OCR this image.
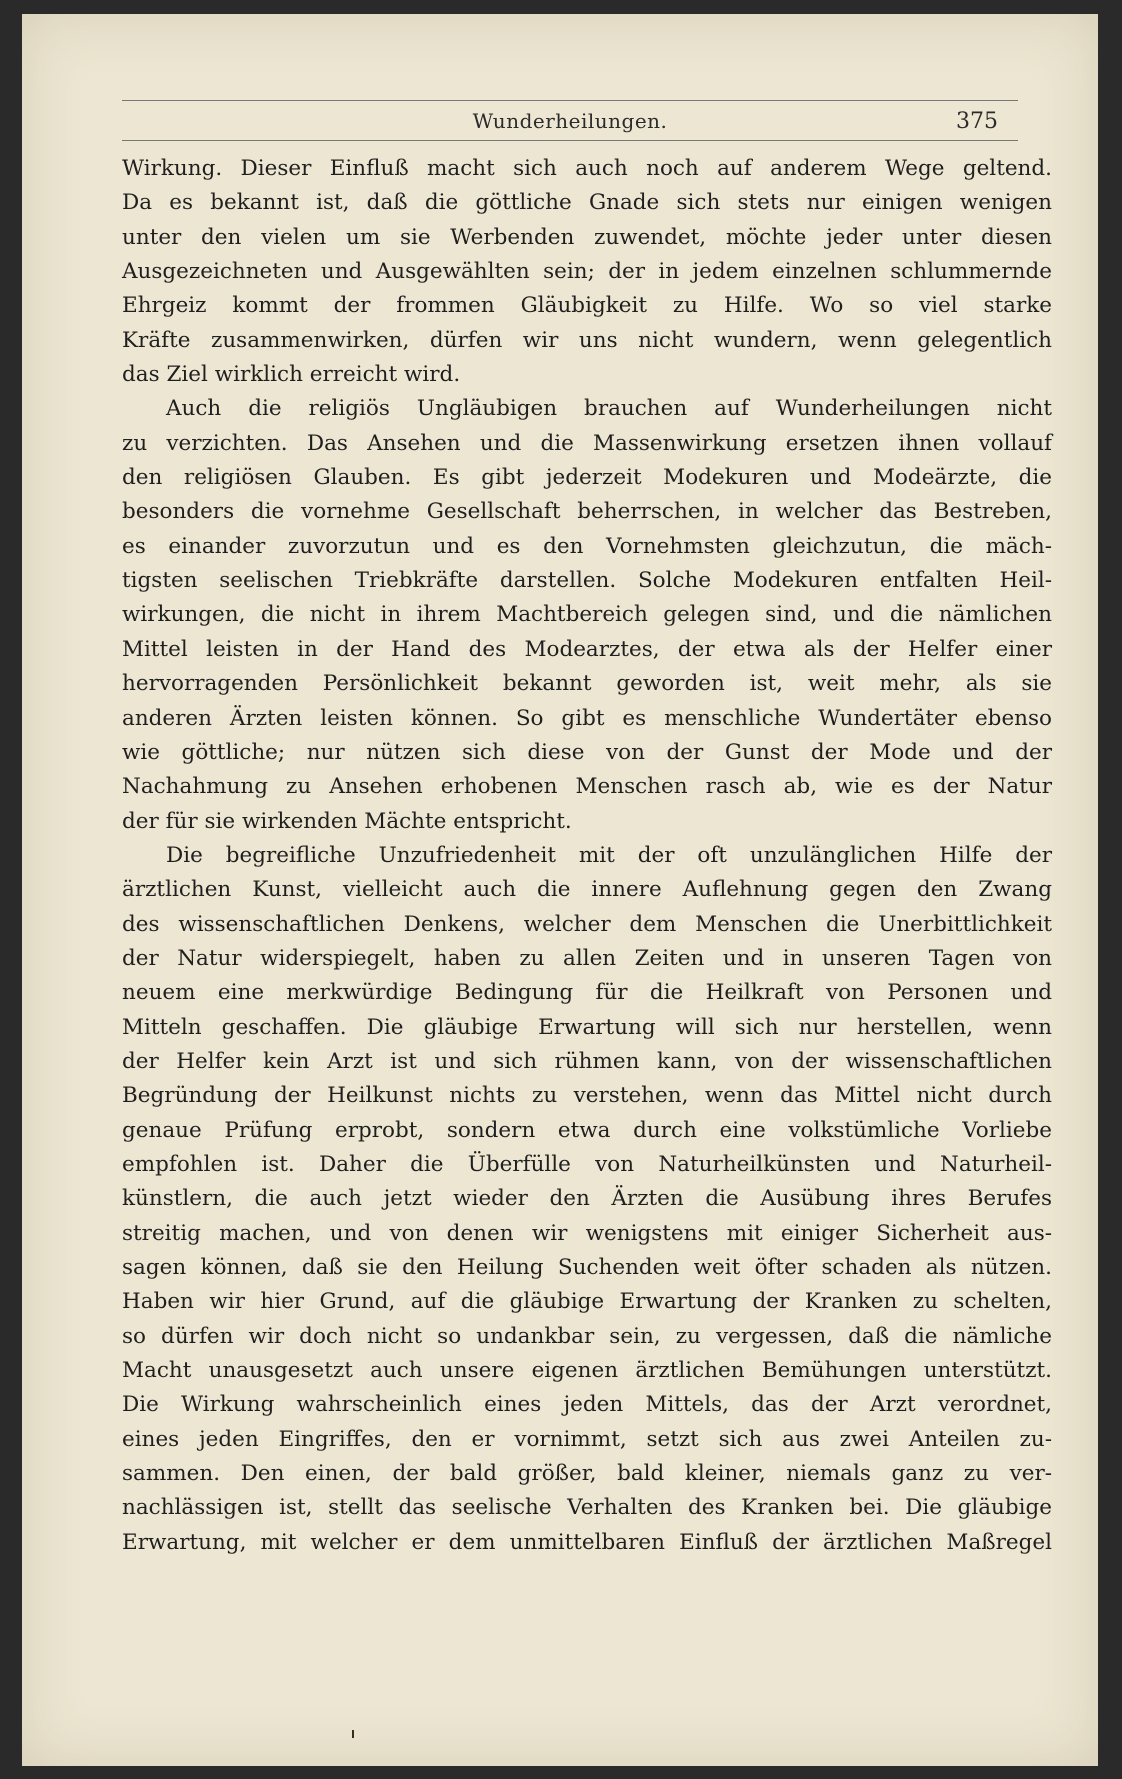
Wunderheilungen.	375
Wirkung. Dieser Einfluß macht sich auch noch auf anderem Wege geltend.
Da es bekannt ist, daß die göttliche Gnade sich stets nur einigen wenigen
unter den vielen um sie Werbenden zuwendet, möchte jeder unter diesen
Ausgezeichneten und Ausgewählten sein; der in jedem einzelnen schlummernde
Ehrgeiz kommt der frommen Gläubigkeit zu Hilfe. Wo so viel starke
Kräfte zusammenwirken, dürfen wir uns nicht wundern, wenn gelegentlich
das Ziel wirklich erreicht wird.
Auch die religiös Ungläubigen brauchen auf Wunderheilungen nicht
zu verzichten. Das Ansehen und die Massenwirkung ersetzen ihnen vollauf
den religiösen Glauben. Es gibt jederzeit Modekuren und Modeärzte, die
besonders die vornehme Gesellschaft beherrschen, in welcher das Bestreben,
es einander zuvorzutun und es den Vornehmsten gleichzutun, die mäch-
tigsten seelischen Triebkräfte darstellen. Solche Modekuren entfalten Heil-
wirkungen, die nicht in ihrem Machtbereich gelegen sind, und die nämlichen
Mittel leisten in der Hand des Modearztes, der etwa als der Helfer einer
hervorragenden Persönlichkeit bekannt geworden ist, weit mehr, als sie
anderen Ärzten leisten können. So gibt es menschliche Wundertäter ebenso
wie göttliche; nur nützen sich diese von der Gunst der Mode und der
Nachahmung zu Ansehen erhobenen Menschen rasch ab, wie es der Natur
der für sie wirkenden Mächte entspricht.
Die begreifliche Unzufriedenheit mit der oft unzulänglichen Hilfe der
ärztlichen Kunst, vielleicht auch die innere Auflehnung gegen den Zwang
des wissenschaftlichen Denkens, welcher dem Menschen die Unerbittlichkeit
der Natur widerspiegelt, haben zu allen Zeiten und in unseren Tagen von
neuem eine merkwürdige Bedingung für die Heilkraft von Personen und
Mitteln geschaffen. Die gläubige Erwartung will sich nur herstellen, wenn
der Helfer kein Arzt ist und sich rühmen kann, von der wissenschaftlichen
Begründung der Heilkunst nichts zu verstehen, wenn das Mittel nicht durch
genaue Prüfung erprobt, sondern etwa durch eine volkstümliche Vorliebe
empfohlen ist. Daher die Überfülle von Naturheilkünsten und Naturheil-
künstlern, die auch jetzt wieder den Ärzten die Ausübung ihres Berufes
streitig machen, und von denen wir wenigstens mit einiger Sicherheit aus-
sagen können, daß sie den Heilung Suchenden weit öfter schaden als nützen.
Haben wir hier Grund, auf die gläubige Erwartung der Kranken zu schelten,
so dürfen wir doch nicht so undankbar sein, zu vergessen, daß die nämliche
Macht unausgesetzt auch unsere eigenen ärztlichen Bemühungen unterstützt.
Die Wirkung wahrscheinlich eines jeden Mittels, das der Arzt verordnet,
eines jeden Eingriffes, den er vornimmt, setzt sich aus zwei Anteilen zu-
sammen. Den einen, der bald größer, bald kleiner, niemals ganz zu ver-
nachlässigen ist, stellt das seelische Verhalten des Kranken bei. Die gläubige
Erwartung, mit welcher er dem unmittelbaren Einfluß der ärztlichen Maßregel
